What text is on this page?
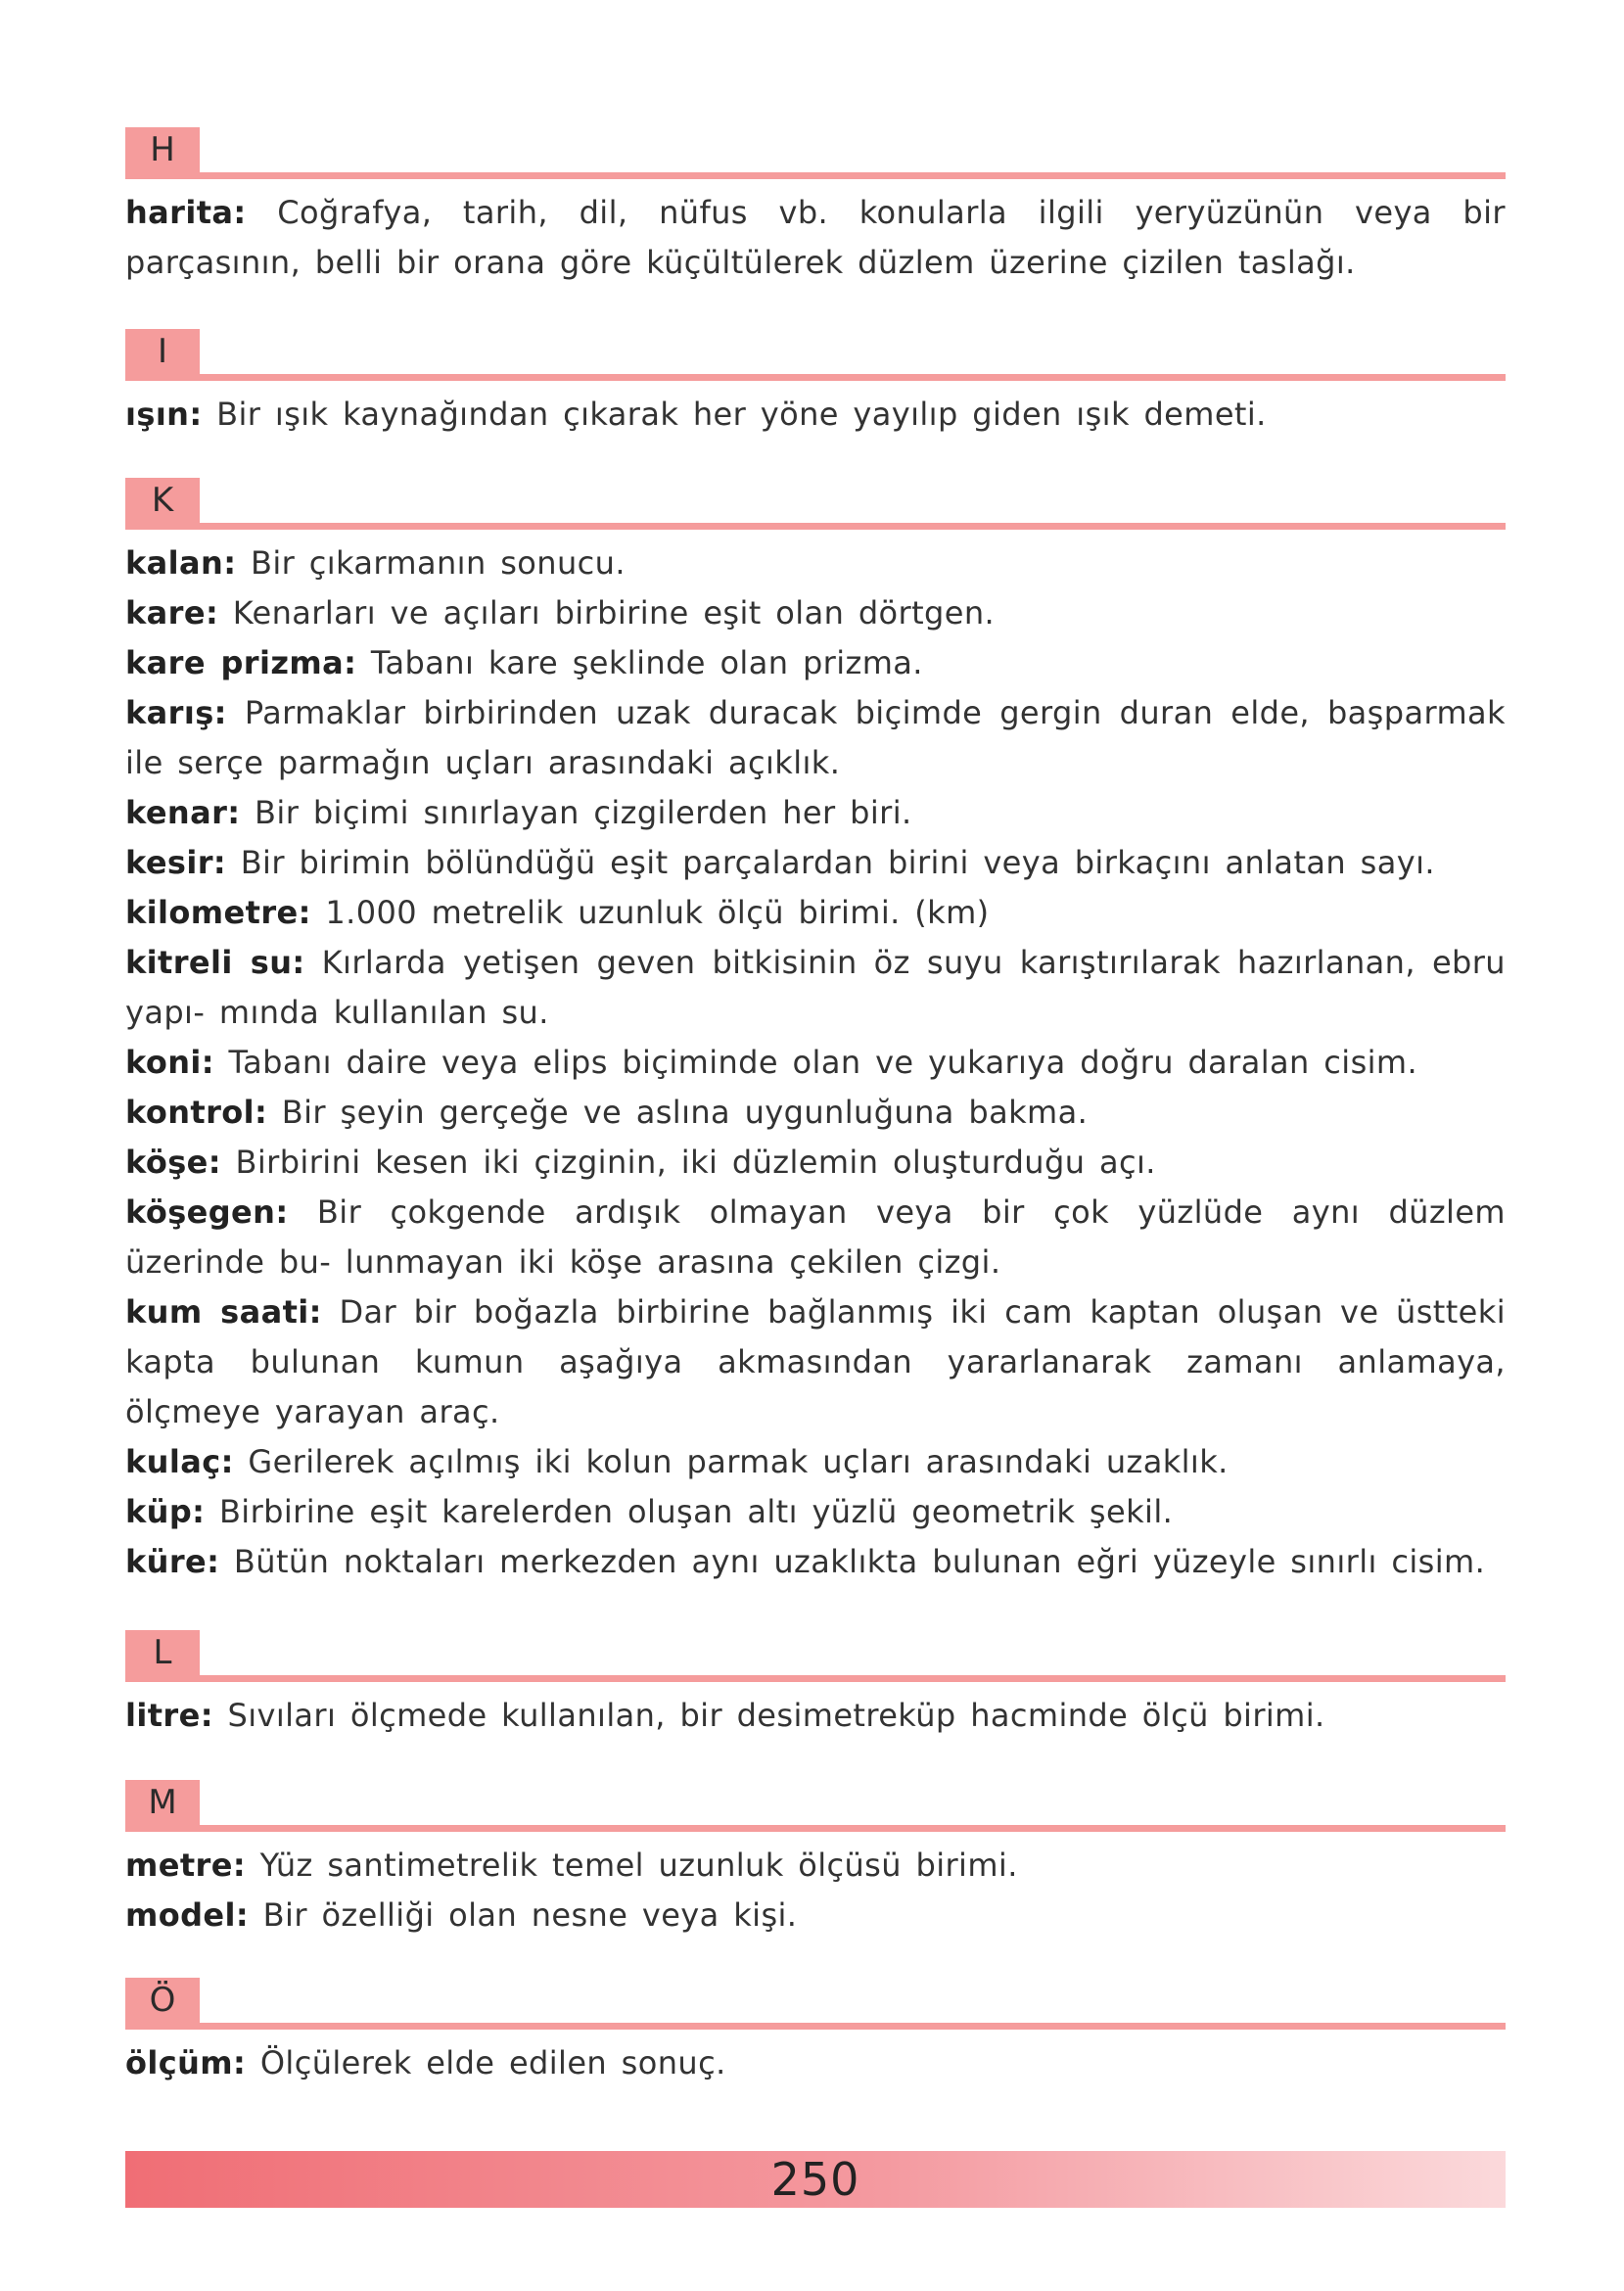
H
harita: Coğrafya, tarih, dil, nüfus vb. konularla ilgili yeryüzünün veya bir parçasının, belli bir orana göre küçültülerek düzlem üzerine çizilen taslağı.
I
ışın: Bir ışık kaynağından çıkarak her yöne yayılıp giden ışık demeti.
K
kalan: Bir çıkarmanın sonucu.
kare: Kenarları ve açıları birbirine eşit olan dörtgen.
kare prizma: Tabanı kare şeklinde olan prizma.
karış: Parmaklar birbirinden uzak duracak biçimde gergin duran elde, başparmak ile serçe parmağın uçları arasındaki açıklık.
kenar: Bir biçimi sınırlayan çizgilerden her biri.
kesir: Bir birimin bölündüğü eşit parçalardan birini veya birkaçını anlatan sayı.
kilometre: 1.000 metrelik uzunluk ölçü birimi. (km)
kitreli su: Kırlarda yetişen geven bitkisinin öz suyu karıştırılarak hazırlanan, ebru yapı- mında kullanılan su.
koni: Tabanı daire veya elips biçiminde olan ve yukarıya doğru daralan cisim.
kontrol: Bir şeyin gerçeğe ve aslına uygunluğuna bakma.
köşe: Birbirini kesen iki çizginin, iki düzlemin oluşturduğu açı.
köşegen: Bir çokgende ardışık olmayan veya bir çok yüzlüde aynı düzlem üzerinde bu- lunmayan iki köşe arasına çekilen çizgi.
kum saati: Dar bir boğazla birbirine bağlanmış iki cam kaptan oluşan ve üstteki kapta bulunan kumun aşağıya akmasından yararlanarak zamanı anlamaya, ölçmeye yarayan araç.
kulaç: Gerilerek açılmış iki kolun parmak uçları arasındaki uzaklık.
küp: Birbirine eşit karelerden oluşan altı yüzlü geometrik şekil.
küre: Bütün noktaları merkezden aynı uzaklıkta bulunan eğri yüzeyle sınırlı cisim.
L
litre: Sıvıları ölçmede kullanılan, bir desimetreküp hacminde ölçü birimi.
M
metre: Yüz santimetrelik temel uzunluk ölçüsü birimi.
model: Bir özelliği olan nesne veya kişi.
Ö
ölçüm: Ölçülerek elde edilen sonuç.
250
